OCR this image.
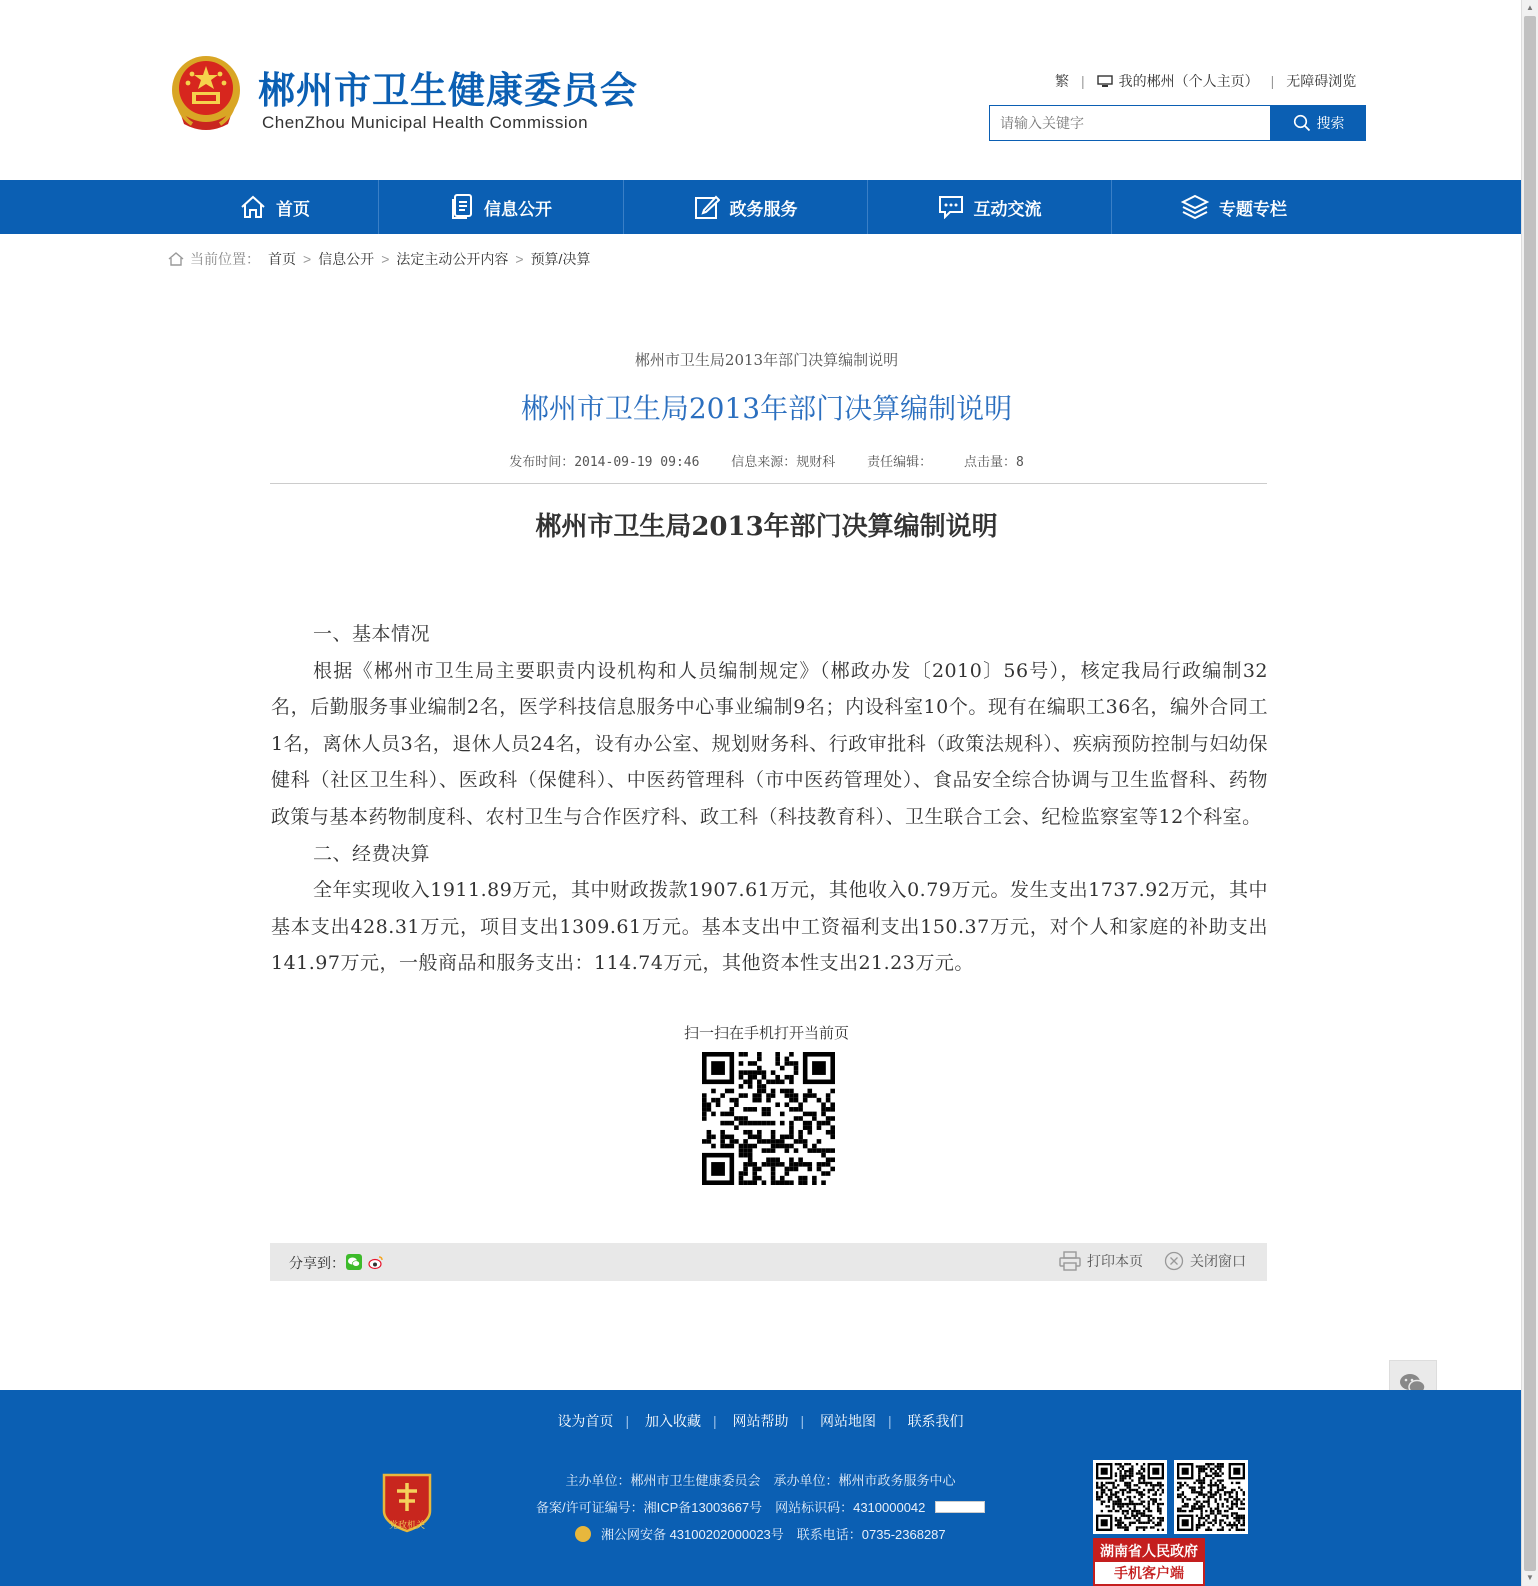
▲
▼
郴州市卫生健康委员会
ChenZhou Municipal Health Commission
繁 | 我的郴州（个人主页） | 无障碍浏览
请输入关键字
搜索
首页	信息公开	政务服务	互动交流	专题专栏
当前位置： 首页 > 信息公开 > 法定主动公开内容 > 预算/决算
郴州市卫生局2013年部门决算编制说明
郴州市卫生局2013年部门决算编制说明
发布时间：2014-09-19 09:46 信息来源：规财科 责任编辑： 点击量：8
郴州市卫生局2013年部门决算编制说明

一、基本情况

根据《郴州市卫生局主要职责内设机构和人员编制规定》（郴政办发〔2010〕56号），核定我局行政编制32名，后勤服务事业编制2名，医学科技信息服务中心事业编制9名；内设科室10个。现有在编职工36名，编外合同工1名，离休人员3名，退休人员24名，设有办公室、规划财务科、行政审批科（政策法规科）、疾病预防控制与妇幼保健科（社区卫生科）、医政科（保健科）、中医药管理科（市中医药管理处）、食品安全综合协调与卫生监督科、药物政策与基本药物制度科、农村卫生与合作医疗科、政工科（科技教育科）、卫生联合工会、纪检监察室等12个科室。

二、经费决算

全年实现收入1911.89万元，其中财政拨款1907.61万元，其他收入0.79万元。发生支出1737.92万元，其中基本支出428.31万元，项目支出1309.61万元。基本支出中工资福利支出150.37万元，对个人和家庭的补助支出141.97万元，一般商品和服务支出：114.74万元，其他资本性支出21.23万元。

扫一扫在手机打开当前页
分享到：	打印本页	关闭窗口
设为首页 | 加入收藏 | 网站帮助 | 网站地图 | 联系我们
党政机关
主办单位：郴州市卫生健康委员会　承办单位：郴州市政务服务中心
备案/许可证编号：湘ICP备13003667号　网站标识码：4310000042
湘公网安备 43100202000023号　联系电话：0735-2368287
湖南省人民政府
手机客户端
